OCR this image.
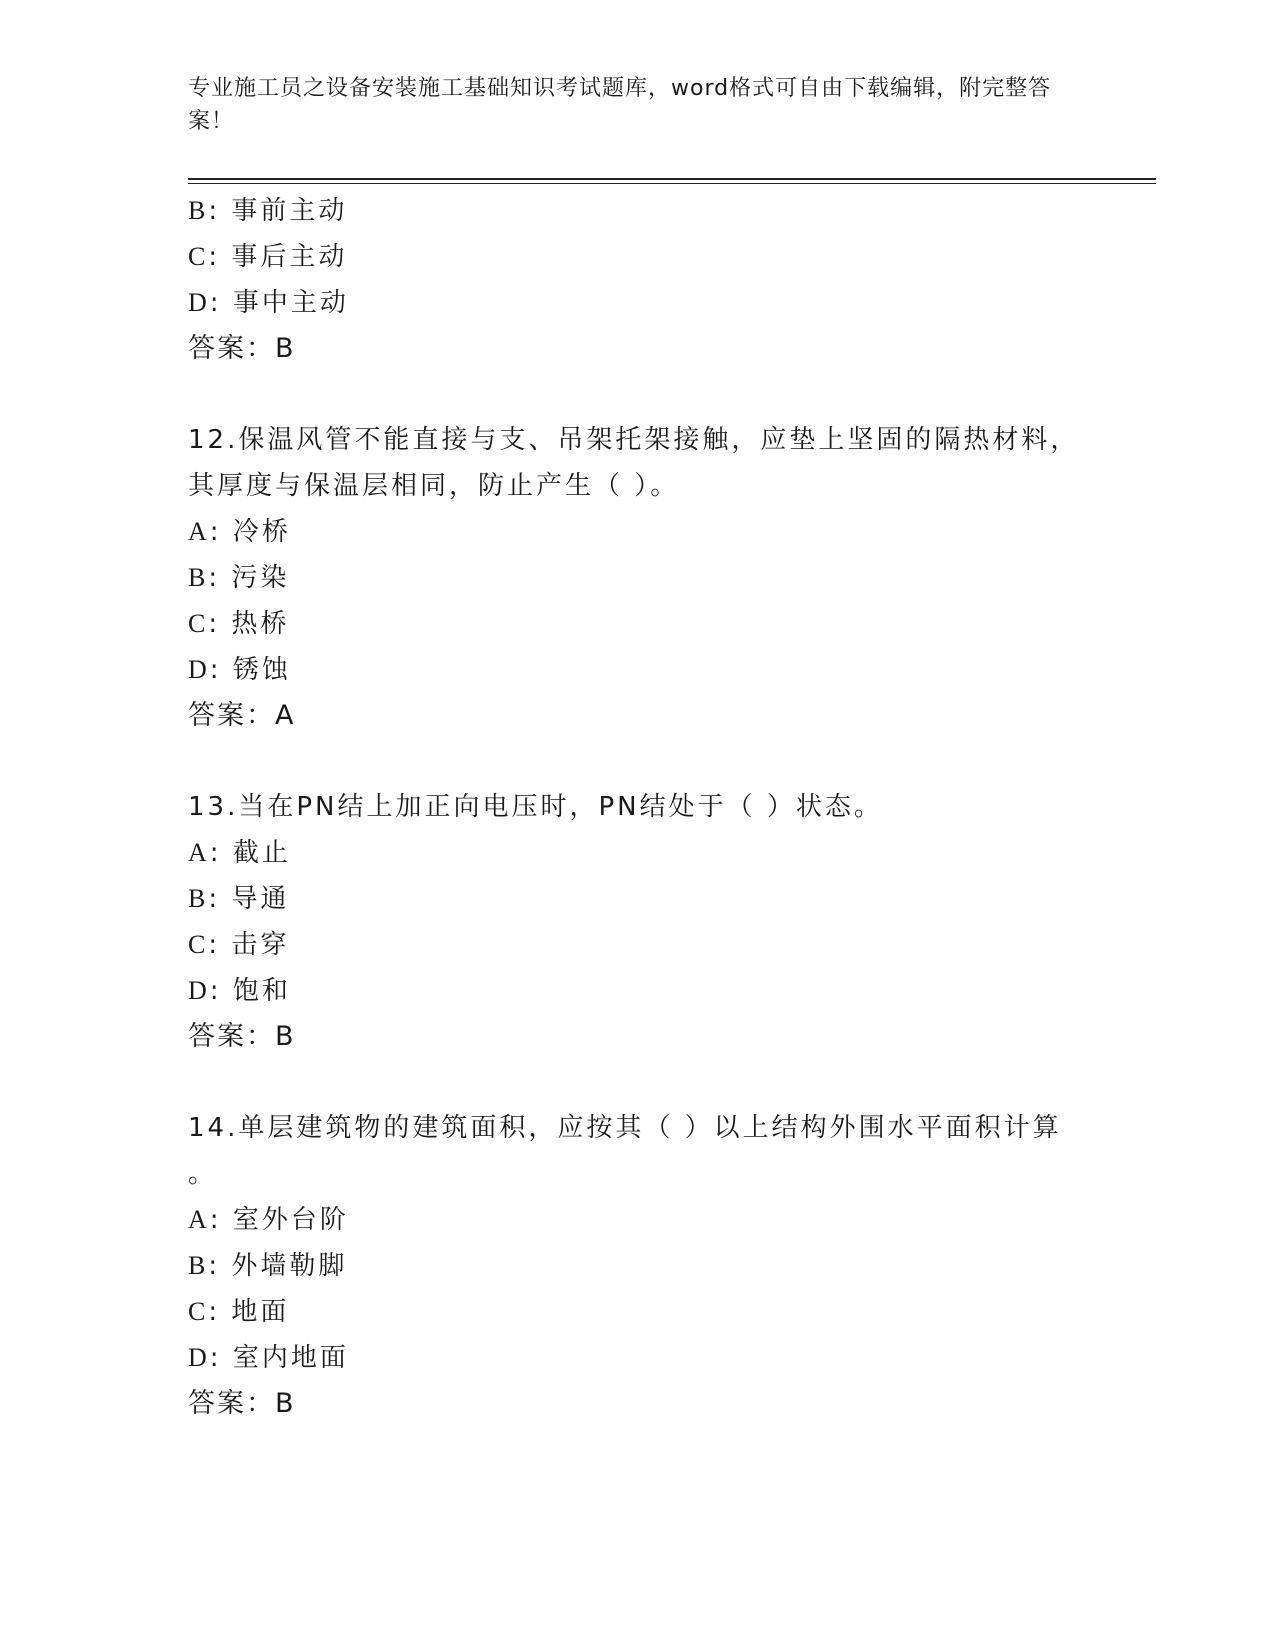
专业施工员之设备安装施工基础知识考试题库，word格式可自由下载编辑，附完整答案！
B: 事前主动
C: 事后主动
D: 事中主动
答案：B
12.保温风管不能直接与支、吊架托架接触，应垫上坚固的隔热材料，
其厚度与保温层相同，防止产生（ ）。
A: 冷桥
B: 污染
C: 热桥
D: 锈蚀
答案：A
13.当在PN结上加正向电压时，PN结处于（ ）状态。
A: 截止
B: 导通
C: 击穿
D: 饱和
答案：B
14.单层建筑物的建筑面积，应按其（ ）以上结构外围水平面积计算
。
A: 室外台阶
B: 外墙勒脚
C: 地面
D: 室内地面
答案：B
